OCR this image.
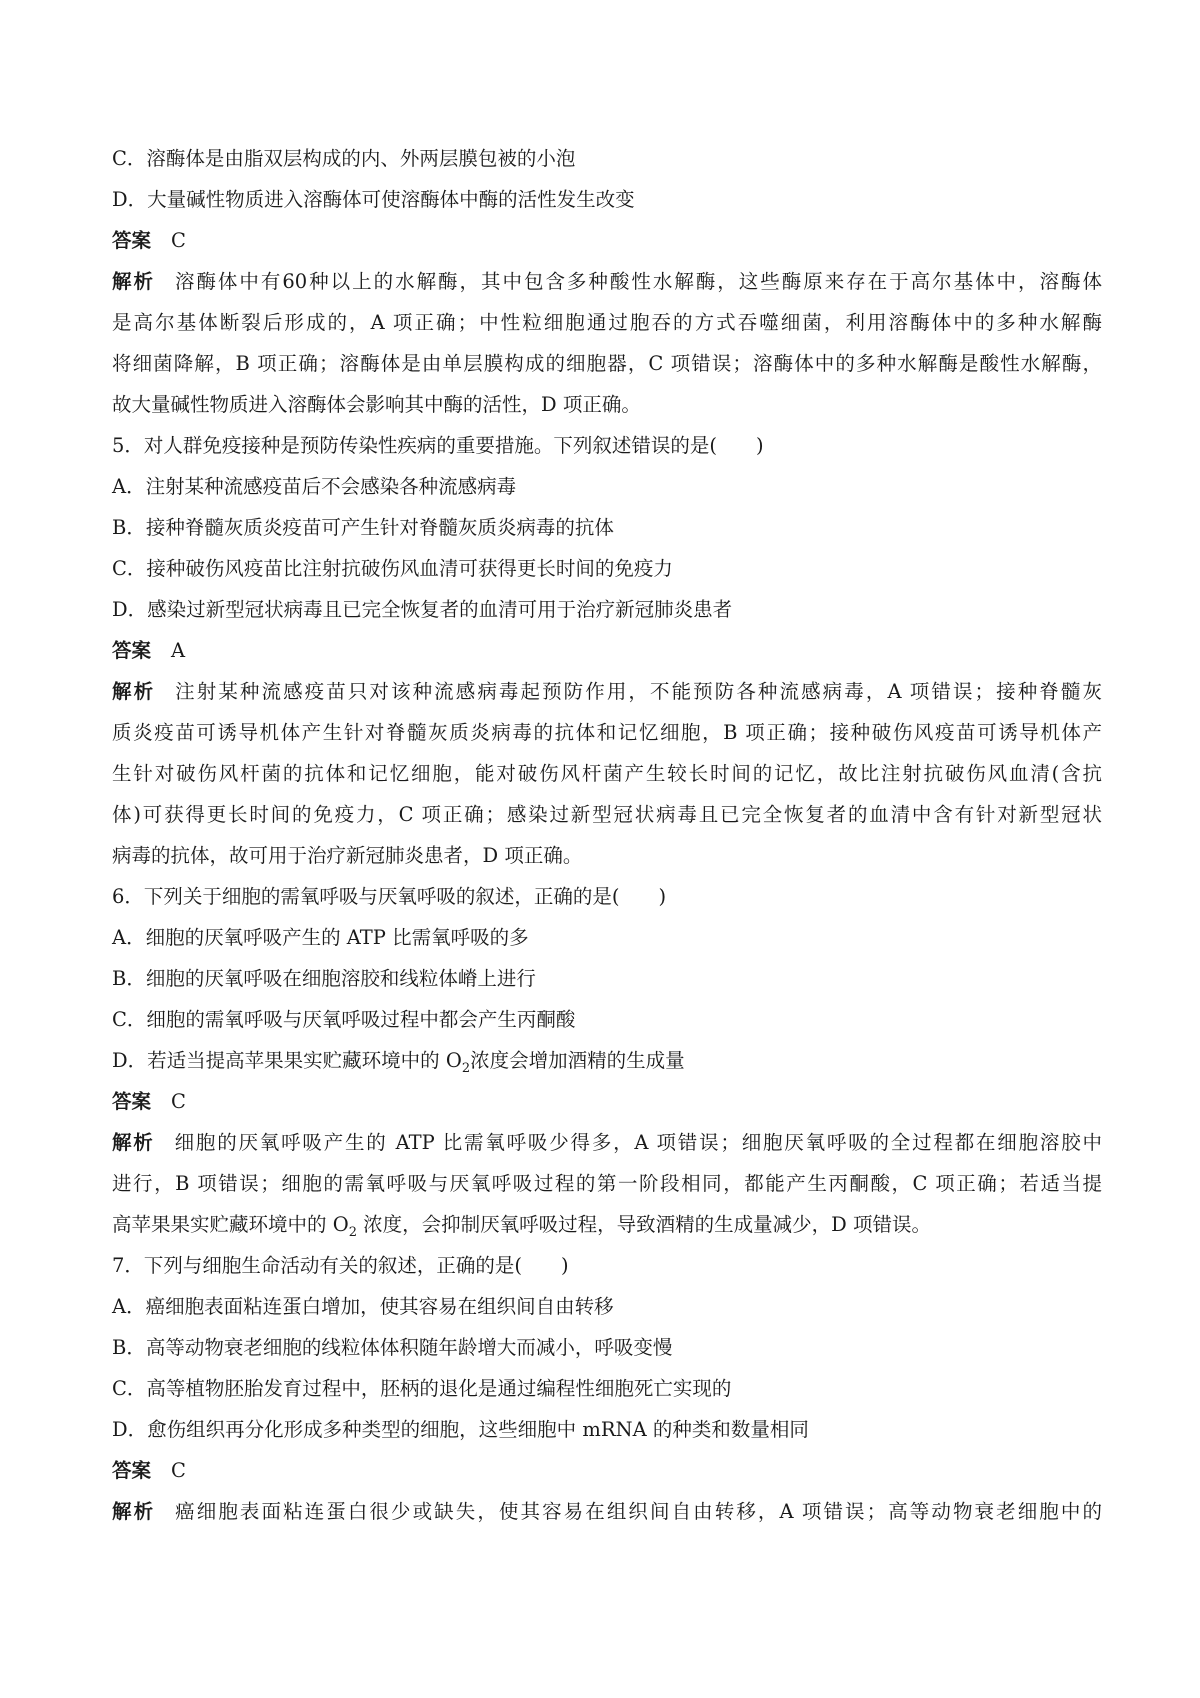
C．溶酶体是由脂双层构成的内、外两层膜包被的小泡
D．大量碱性物质进入溶酶体可使溶酶体中酶的活性发生改变
答案 C
解析 溶酶体中有60种以上的水解酶，其中包含多种酸性水解酶，这些酶原来存在于高尔基体中，溶酶体
是高尔基体断裂后形成的，A 项正确；中性粒细胞通过胞吞的方式吞噬细菌，利用溶酶体中的多种水解酶
将细菌降解，B 项正确；溶酶体是由单层膜构成的细胞器，C 项错误；溶酶体中的多种水解酶是酸性水解酶，
故大量碱性物质进入溶酶体会影响其中酶的活性，D 项正确。
5．对人群免疫接种是预防传染性疾病的重要措施。下列叙述错误的是(　　)
A．注射某种流感疫苗后不会感染各种流感病毒
B．接种脊髓灰质炎疫苗可产生针对脊髓灰质炎病毒的抗体
C．接种破伤风疫苗比注射抗破伤风血清可获得更长时间的免疫力
D．感染过新型冠状病毒且已完全恢复者的血清可用于治疗新冠肺炎患者
答案 A
解析 注射某种流感疫苗只对该种流感病毒起预防作用，不能预防各种流感病毒，A 项错误；接种脊髓灰
质炎疫苗可诱导机体产生针对脊髓灰质炎病毒的抗体和记忆细胞，B 项正确；接种破伤风疫苗可诱导机体产
生针对破伤风杆菌的抗体和记忆细胞，能对破伤风杆菌产生较长时间的记忆，故比注射抗破伤风血清(含抗
体)可获得更长时间的免疫力，C 项正确；感染过新型冠状病毒且已完全恢复者的血清中含有针对新型冠状
病毒的抗体，故可用于治疗新冠肺炎患者，D 项正确。
6．下列关于细胞的需氧呼吸与厌氧呼吸的叙述，正确的是(　　)
A．细胞的厌氧呼吸产生的 ATP 比需氧呼吸的多
B．细胞的厌氧呼吸在细胞溶胶和线粒体嵴上进行
C．细胞的需氧呼吸与厌氧呼吸过程中都会产生丙酮酸
D．若适当提高苹果果实贮藏环境中的 $O_2$浓度会增加酒精的生成量
答案 C
解析 细胞的厌氧呼吸产生的 ATP 比需氧呼吸少得多，A 项错误；细胞厌氧呼吸的全过程都在细胞溶胶中
进行，B 项错误；细胞的需氧呼吸与厌氧呼吸过程的第一阶段相同，都能产生丙酮酸，C 项正确；若适当提
高苹果果实贮藏环境中的 $O_2$ 浓度，会抑制厌氧呼吸过程，导致酒精的生成量减少，D 项错误。
7．下列与细胞生命活动有关的叙述，正确的是(　　)
A．癌细胞表面粘连蛋白增加，使其容易在组织间自由转移
B．高等动物衰老细胞的线粒体体积随年龄增大而减小，呼吸变慢
C．高等植物胚胎发育过程中，胚柄的退化是通过编程性细胞死亡实现的
D．愈伤组织再分化形成多种类型的细胞，这些细胞中 mRNA 的种类和数量相同
答案 C
解析 癌细胞表面粘连蛋白很少或缺失，使其容易在组织间自由转移，A 项错误；高等动物衰老细胞中的
